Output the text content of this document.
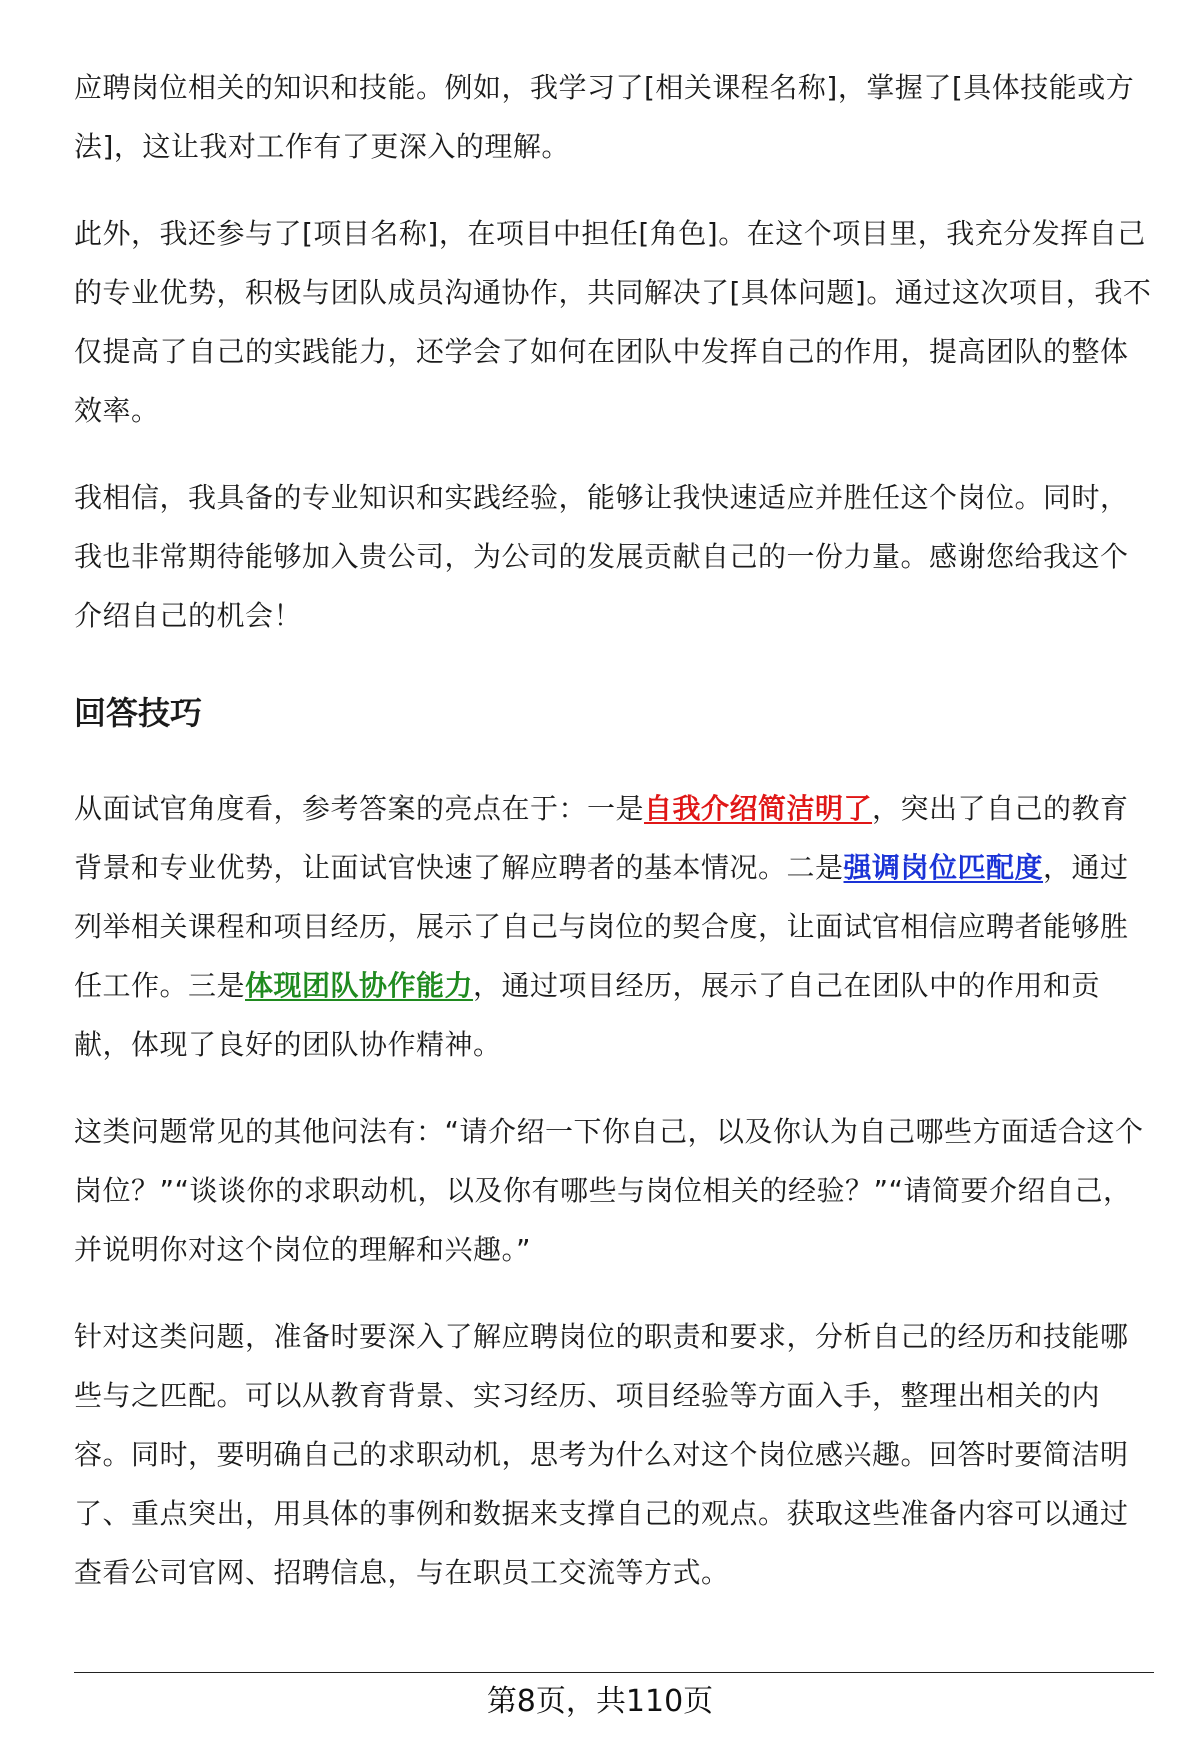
应聘岗位相关的知识和技能。例如，我学习了[相关课程名称]，掌握了[具体技能或方法]，这让我对工作有了更深入的理解。

此外，我还参与了[项目名称]，在项目中担任[角色]。在这个项目里，我充分发挥自己的专业优势，积极与团队成员沟通协作，共同解决了[具体问题]。通过这次项目，我不仅提高了自己的实践能力，还学会了如何在团队中发挥自己的作用，提高团队的整体效率。

我相信，我具备的专业知识和实践经验，能够让我快速适应并胜任这个岗位。同时，我也非常期待能够加入贵公司，为公司的发展贡献自己的一份力量。感谢您给我这个介绍自己的机会！

回答技巧

从面试官角度看，参考答案的亮点在于：一是自我介绍简洁明了，突出了自己的教育背景和专业优势，让面试官快速了解应聘者的基本情况。二是强调岗位匹配度，通过列举相关课程和项目经历，展示了自己与岗位的契合度，让面试官相信应聘者能够胜任工作。三是体现团队协作能力，通过项目经历，展示了自己在团队中的作用和贡献，体现了良好的团队协作精神。

这类问题常见的其他问法有：“请介绍一下你自己，以及你认为自己哪些方面适合这个岗位？”“谈谈你的求职动机，以及你有哪些与岗位相关的经验？”“请简要介绍自己，并说明你对这个岗位的理解和兴趣。”

针对这类问题，准备时要深入了解应聘岗位的职责和要求，分析自己的经历和技能哪些与之匹配。可以从教育背景、实习经历、项目经验等方面入手，整理出相关的内容。同时，要明确自己的求职动机，思考为什么对这个岗位感兴趣。回答时要简洁明了、重点突出，用具体的事例和数据来支撑自己的观点。获取这些准备内容可以通过查看公司官网、招聘信息，与在职员工交流等方式。

第8页，共110页
